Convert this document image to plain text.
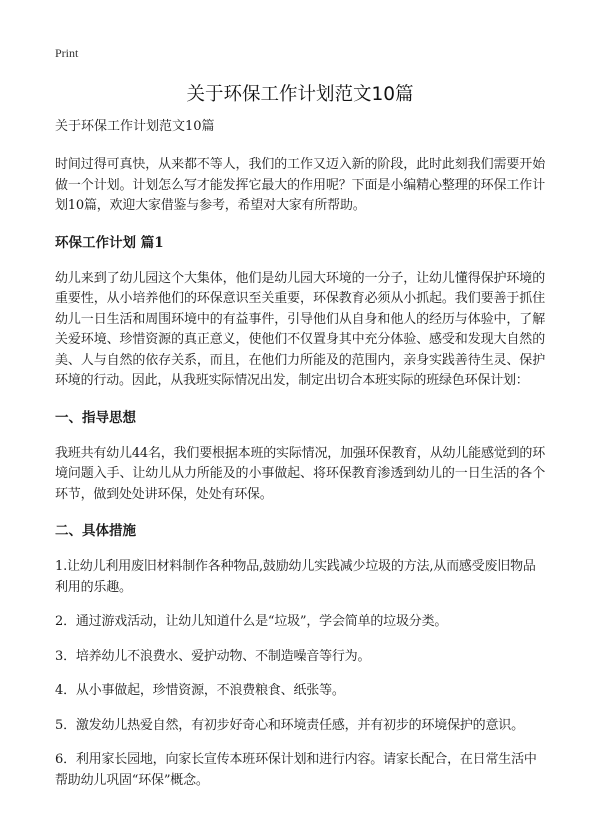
Print
关于环保工作计划范文10篇
关于环保工作计划范文10篇

时间过得可真快，从来都不等人，我们的工作又迈入新的阶段，此时此刻我们需要开始做一个计划。计划怎么写才能发挥它最大的作用呢？下面是小编精心整理的环保工作计划10篇，欢迎大家借鉴与参考，希望对大家有所帮助。

环保工作计划 篇1

幼儿来到了幼儿园这个大集体，他们是幼儿园大环境的一分子，让幼儿懂得保护环境的重要性，从小培养他们的环保意识至关重要，环保教育必须从小抓起。我们要善于抓住幼儿一日生活和周围环境中的有益事件，引导他们从自身和他人的经历与体验中，了解关爱环境、珍惜资源的真正意义，使他们不仅置身其中充分体验、感受和发现大自然的美、人与自然的依存关系，而且，在他们力所能及的范围内，亲身实践善待生灵、保护环境的行动。因此，从我班实际情况出发，制定出切合本班实际的班绿色环保计划：

一、指导思想

我班共有幼儿44名，我们要根据本班的实际情况，加强环保教育，从幼儿能感觉到的环境问题入手、让幼儿从力所能及的小事做起、将环保教育渗透到幼儿的一日生活的各个环节，做到处处讲环保，处处有环保。

二、具体措施
1.让幼儿利用废旧材料制作各种物品,鼓励幼儿实践减少垃圾的方法,从而感受废旧物品利用的乐趣。
2．通过游戏活动，让幼儿知道什么是“垃圾”，学会简单的垃圾分类。
3．培养幼儿不浪费水、爱护动物、不制造噪音等行为。
4．从小事做起，珍惜资源，不浪费粮食、纸张等。
5．激发幼儿热爱自然，有初步好奇心和环境责任感，并有初步的环境保护的意识。
6．利用家长园地，向家长宣传本班环保计划和进行内容。请家长配合，在日常生活中帮助幼儿巩固“环保”概念。
